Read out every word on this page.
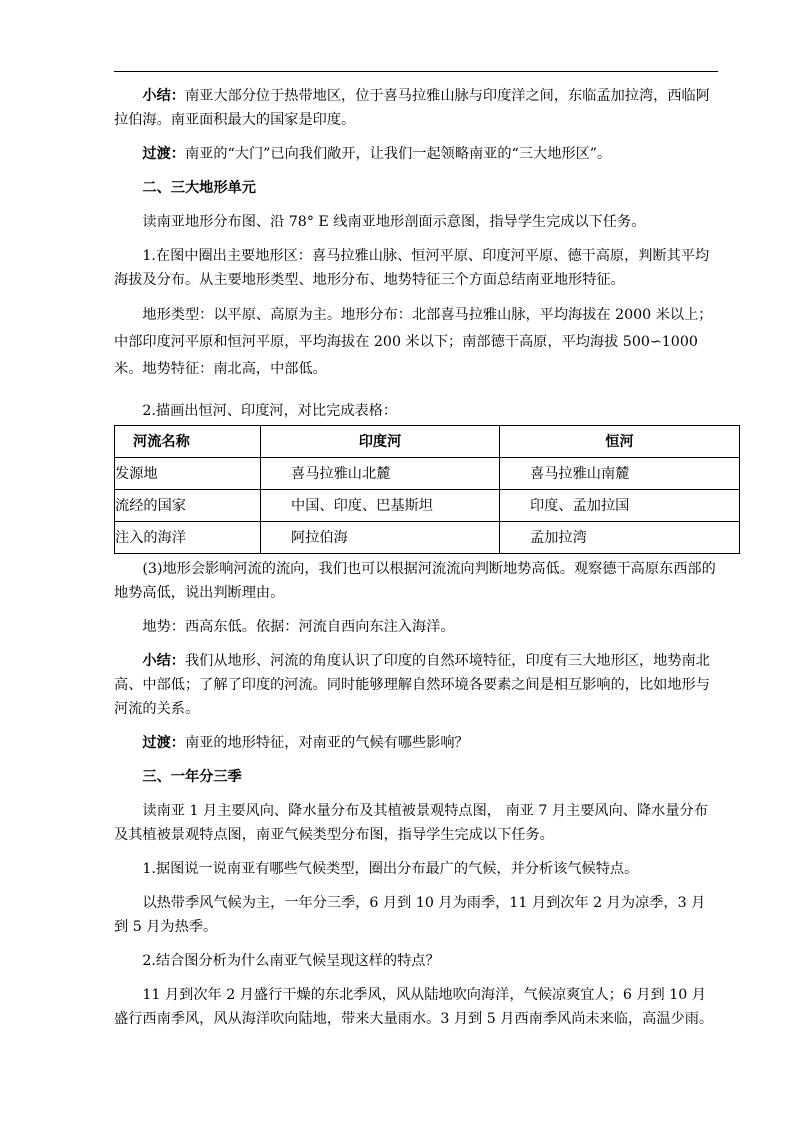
小结：南亚大部分位于热带地区，位于喜马拉雅山脉与印度洋之间，东临孟加拉湾，西临阿拉伯海。南亚面积最大的国家是印度。

过渡：南亚的“大门”已向我们敞开，让我们一起领略南亚的“三大地形区”。

二、三大地形单元

读南亚地形分布图、沿 78° E 线南亚地形剖面示意图，指导学生完成以下任务。

1.在图中圈出主要地形区：喜马拉雅山脉、恒河平原、印度河平原、德干高原，判断其平均海拔及分布。从主要地形类型、地形分布、地势特征三个方面总结南亚地形特征。

地形类型：以平原、高原为主。地形分布：北部喜马拉雅山脉，平均海拔在 2000 米以上；中部印度河平原和恒河平原，平均海拔在 200 米以下；南部德干高原，平均海拔 500∽1000 米。地势特征：南北高，中部低。

2.描画出恒河、印度河，对比完成表格：

河流名称	印度河	恒河
发源地	喜马拉雅山北麓	喜马拉雅山南麓
流经的国家	中国、印度、巴基斯坦	印度、孟加拉国
注入的海洋	阿拉伯海	孟加拉湾

(3)地形会影响河流的流向，我们也可以根据河流流向判断地势高低。观察德干高原东西部的地势高低，说出判断理由。

地势：西高东低。依据：河流自西向东注入海洋。

小结：我们从地形、河流的角度认识了印度的自然环境特征，印度有三大地形区，地势南北高、中部低；了解了印度的河流。同时能够理解自然环境各要素之间是相互影响的，比如地形与河流的关系。

过渡：南亚的地形特征，对南亚的气候有哪些影响？

三、一年分三季

读南亚 1 月主要风向、降水量分布及其植被景观特点图， 南亚 7 月主要风向、降水量分布及其植被景观特点图，南亚气候类型分布图，指导学生完成以下任务。

1.据图说一说南亚有哪些气候类型，圈出分布最广的气候，并分析该气候特点。

以热带季风气候为主，一年分三季，6 月到 10 月为雨季，11 月到次年 2 月为凉季，3 月到 5 月为热季。

2.结合图分析为什么南亚气候呈现这样的特点？

11 月到次年 2 月盛行干燥的东北季风，风从陆地吹向海洋，气候凉爽宜人；6 月到 10 月盛行西南季风，风从海洋吹向陆地，带来大量雨水。3 月到 5 月西南季风尚未来临，高温少雨。
